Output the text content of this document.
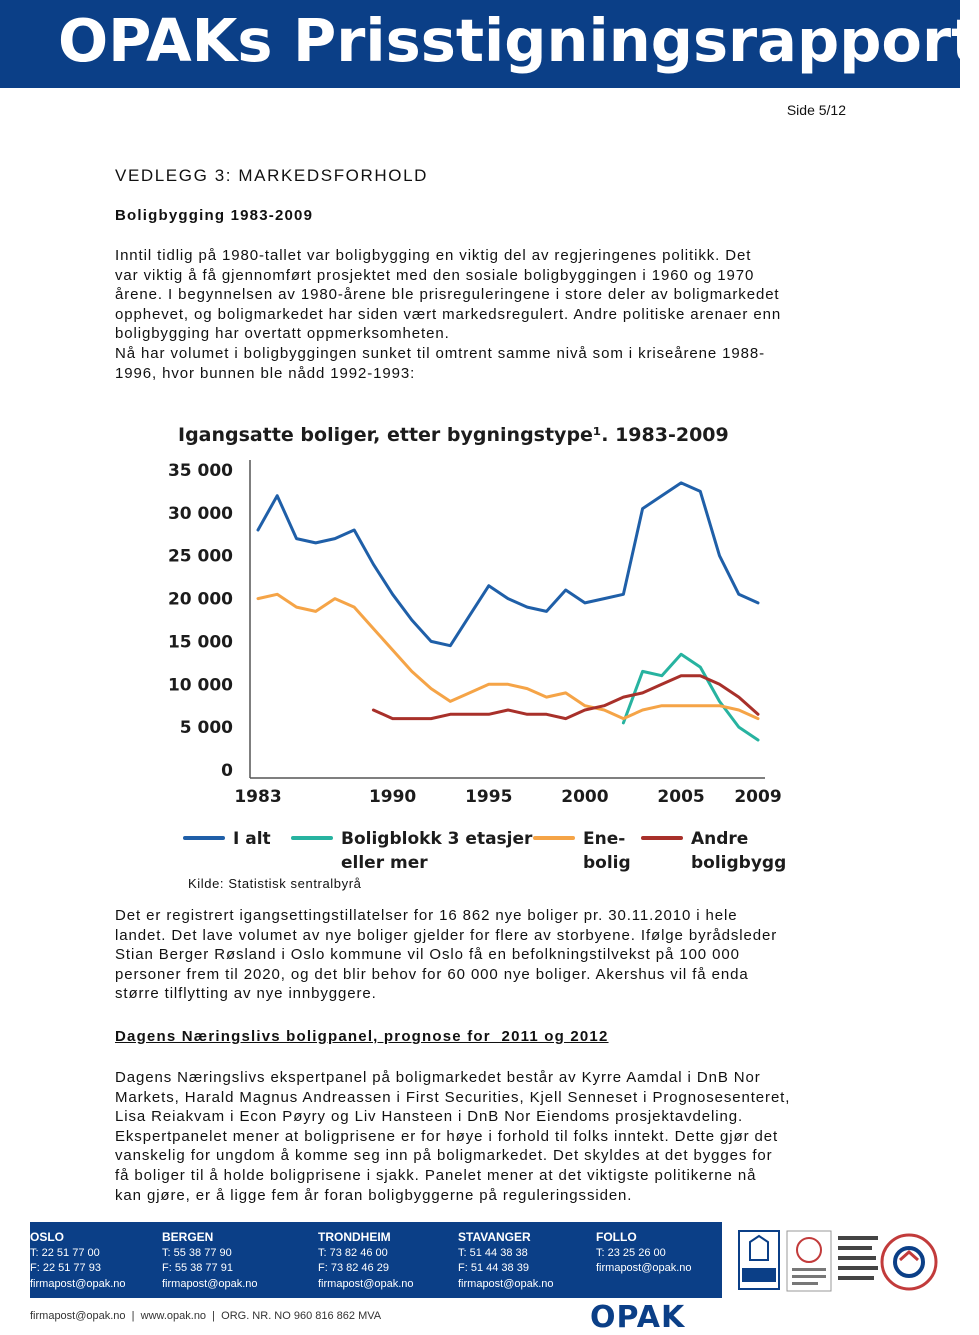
OPAKs Prisstigningsrapport
Side 5/12
VEDLEGG 3: MARKEDSFORHOLD
Boligbygging 1983-2009
Inntil tidlig på 1980-tallet var boligbygging en viktig del av regjeringenes politikk. Det
var viktig å få gjennomført prosjektet med den sosiale boligbyggingen i 1960 og 1970
årene. I begynnelsen av 1980-årene ble prisreguleringene i store deler av boligmarkedet
opphevet, og boligmarkedet har siden vært markedsregulert. Andre politiske arenaer enn
boligbygging har overtatt oppmerksomheten.
Nå har volumet i boligbyggingen sunket til omtrent samme nivå som i kriseårene 1988-
1996, hvor bunnen ble nådd 1992-1993:
Igangsatte boliger, etter bygningstype¹. 1983-2009
0
5 000
10 000
15 000
20 000
25 000
30 000
35 000
1983	1990	1995	2000	2005 2009
I alt	Boligblokk 3 etasjer
eller mer
Ene-
bolig
Andre
boligbygg
Kilde: Statistisk sentralbyrå
Det er registrert igangsettingstillatelser for 16 862 nye boliger pr. 30.11.2010 i hele
landet. Det lave volumet av nye boliger gjelder for flere av storbyene. Ifølge byrådsleder
Stian Berger Røsland i Oslo kommune vil Oslo få en befolkningstilvekst på 100 000
personer frem til 2020, og det blir behov for 60 000 nye boliger. Akershus vil få enda
større tilflytting av nye innbyggere.
Dagens Næringslivs boligpanel, prognose for  2011 og 2012
Dagens Næringslivs ekspertpanel på boligmarkedet består av Kyrre Aamdal i DnB Nor
Markets, Harald Magnus Andreassen i First Securities, Kjell Senneset i Prognosesenteret,
Lisa Reiakvam i Econ Pøyry og Liv Hansteen i DnB Nor Eiendoms prosjektavdeling.
Ekspertpanelet mener at boligprisene er for høye i forhold til folks inntekt. Dette gjør det
vanskelig for ungdom å komme seg inn på boligmarkedet. Det skyldes at det bygges for
få boliger til å holde boligprisene i sjakk. Panelet mener at det viktigste politikerne nå
kan gjøre, er å ligge fem år foran boligbyggerne på reguleringssiden.
OSLO
T: 22 51 77 00
F: 22 51 77 93
firmapost@opak.no
BERGEN
T: 55 38 77 90
F: 55 38 77 91
firmapost@opak.no
TRONDHEIM
T: 73 82 46 00
F: 73 82 46 29
firmapost@opak.no
STAVANGER
T: 51 44 38 38
F: 51 44 38 39
firmapost@opak.no
FOLLO
T: 23 25 26 00
firmapost@opak.no
firmapost@opak.no  |  www.opak.no  |  ORG. NR. NO 960 816 862 MVA	OPAK
